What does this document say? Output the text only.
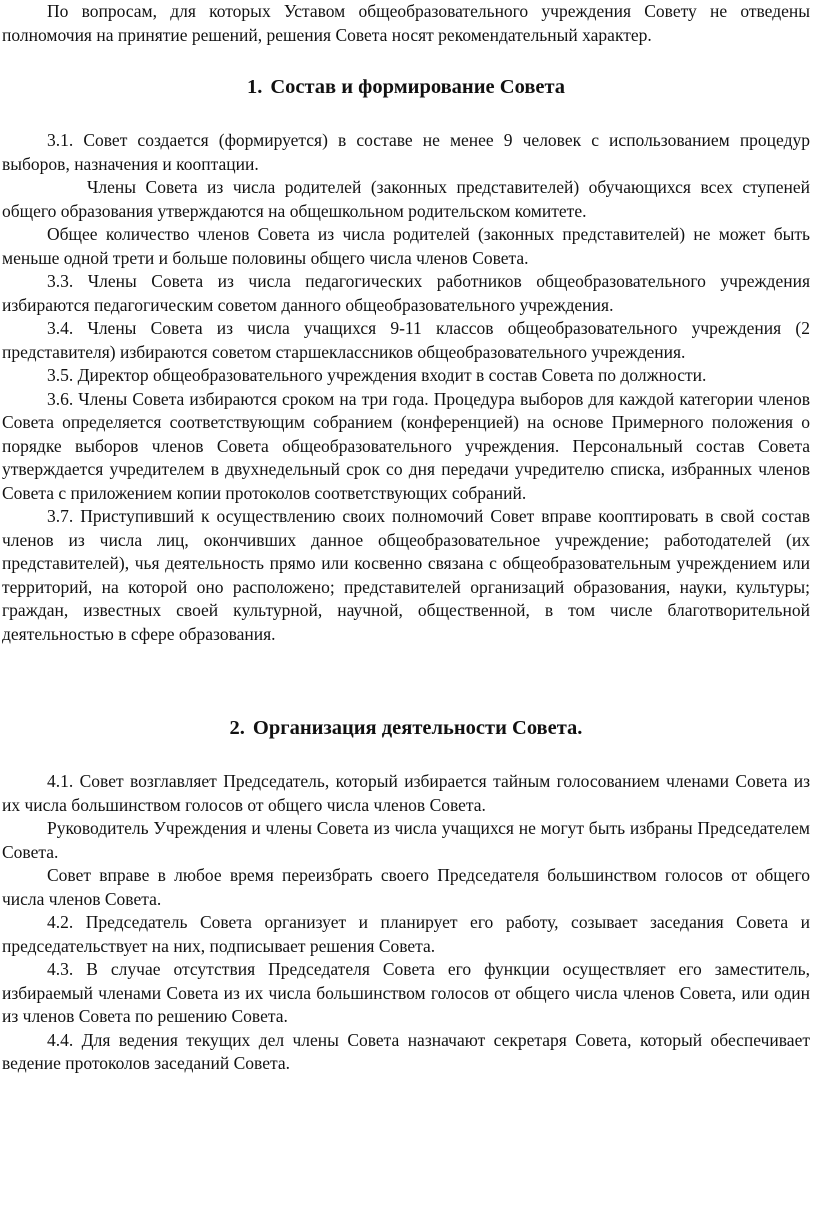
По вопросам, для которых Уставом общеобразовательного учреждения Совету не отведены полномочия на принятие решений, решения Совета носят рекомендательный характер.

1. Состав и формирование Совета

3.1. Совет создается (формируется) в составе не менее 9 человек с использованием процедур выборов, назначения и кооптации.

Члены Совета из числа родителей (законных представителей) обучающихся всех ступеней общего образования утверждаются на общешкольном родительском комитете.

Общее количество членов Совета из числа родителей (законных представителей) не может быть меньше одной трети и больше половины общего числа членов Совета.

3.3. Члены Совета из числа педагогических работников общеобразовательного учреждения избираются педагогическим советом данного общеобразовательного учреждения.

3.4. Члены Совета из числа учащихся 9-11 классов общеобразовательного учреждения (2 представителя) избираются советом старшеклассников общеобразовательного учреждения.

3.5. Директор общеобразовательного учреждения входит в состав Совета по должности.

3.6. Члены Совета избираются сроком на три года. Процедура выборов для каждой категории членов Совета определяется соответствующим собранием (конференцией) на основе Примерного положения о порядке выборов членов Совета общеобразовательного учреждения. Персональный состав Совета утверждается учредителем в двухнедельный срок со дня передачи учредителю списка, избранных членов Совета с приложением копии протоколов соответствующих собраний.

3.7. Приступивший к осуществлению своих полномочий Совет вправе кооптировать в свой состав членов из числа лиц, окончивших данное общеобразовательное учреждение; работодателей (их представителей), чья деятельность прямо или косвенно связана с общеобразовательным учреждением или территорий, на которой оно расположено; представителей организаций образования, науки, культуры; граждан, известных своей культурной, научной, общественной, в том числе благотворительной деятельностью в сфере образования.

2. Организация деятельности Совета.

4.1. Совет возглавляет Председатель, который избирается тайным голосованием членами Совета из их числа большинством голосов от общего числа членов Совета.

Руководитель Учреждения и члены Совета из числа учащихся не могут быть избраны Председателем Совета.

Совет вправе в любое время переизбрать своего Председателя большинством голосов от общего числа членов Совета.

4.2. Председатель Совета организует и планирует его работу, созывает заседания Совета и председательствует на них, подписывает решения Совета.

4.3. В случае отсутствия Председателя Совета его функции осуществляет его заместитель, избираемый членами Совета из их числа большинством голосов от общего числа членов Совета, или один из членов Совета по решению Совета.

4.4. Для ведения текущих дел члены Совета назначают секретаря Совета, который обеспечивает ведение протоколов заседаний Совета.
